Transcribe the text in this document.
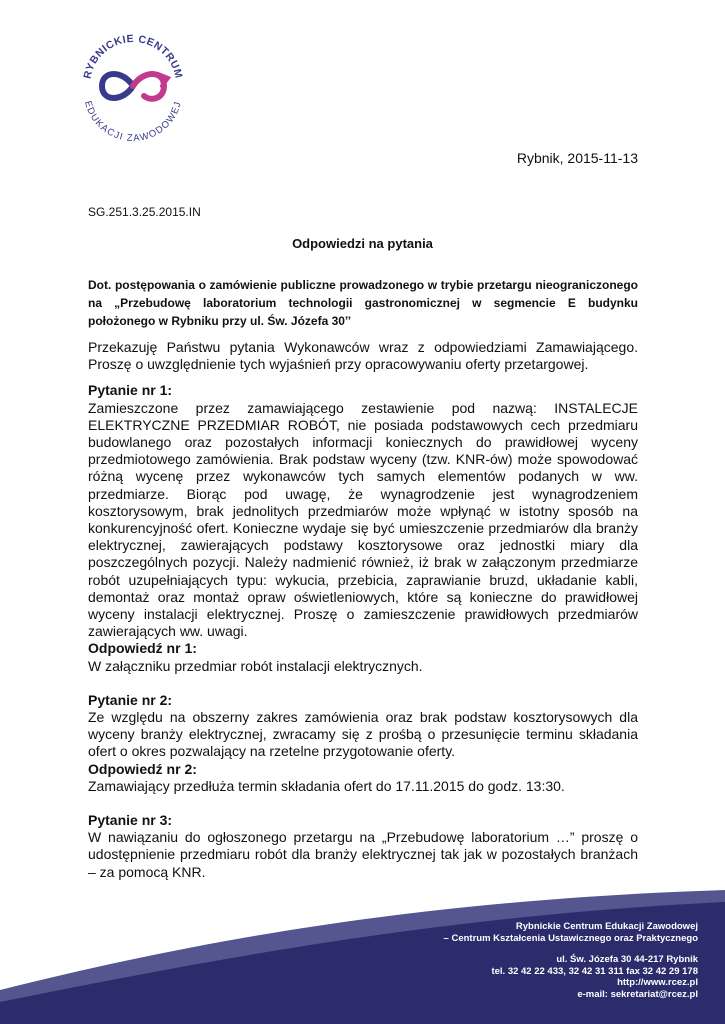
RYBNICKIE CENTRUM
EDUKACJI ZAWODOWEJ
Rybnik, 2015-11-13
SG.251.3.25.2015.IN
Odpowiedzi na pytania
Dot. postępowania o zamówienie publiczne prowadzonego w trybie przetargu nieograniczonego na „Przebudowę laboratorium technologii gastronomicznej w segmencie E budynku położonego w Rybniku przy ul. Św. Józefa 30’’

Przekazuję Państwu pytania Wykonawców wraz z odpowiedziami Zamawiającego. Proszę o uwzględnienie tych wyjaśnień przy opracowywaniu oferty przetargowej.

Pytanie nr 1:

Zamieszczone przez zamawiającego zestawienie pod nazwą: INSTALECJE ELEKTRYCZNE PRZEDMIAR ROBÓT, nie posiada podstawowych cech przedmiaru budowlanego oraz pozostałych informacji koniecznych do prawidłowej wyceny przedmiotowego zamówienia. Brak podstaw wyceny (tzw. KNR-ów) może spowodować różną wycenę przez wykonawców tych samych elementów podanych w ww. przedmiarze. Biorąc pod uwagę, że wynagrodzenie jest wynagrodzeniem kosztorysowym, brak jednolitych przedmiarów może wpłynąć w istotny sposób na konkurencyjność ofert. Konieczne wydaje się być umieszczenie przedmiarów dla branży elektrycznej, zawierających podstawy kosztorysowe oraz jednostki miary dla poszczególnych pozycji. Należy nadmienić również, iż brak w załączonym przedmiarze robót uzupełniających typu: wykucia, przebicia, zaprawianie bruzd, układanie kabli, demontaż oraz montaż opraw oświetleniowych, które są konieczne do prawidłowej wyceny instalacji elektrycznej. Proszę o zamieszczenie prawidłowych przedmiarów zawierających ww. uwagi.

Odpowiedź nr 1:

W załączniku przedmiar robót instalacji elektrycznych.

Pytanie nr 2:

Ze względu na obszerny zakres zamówienia oraz brak podstaw kosztorysowych dla wyceny branży elektrycznej, zwracamy się z prośbą o przesunięcie terminu składania ofert o okres pozwalający na rzetelne przygotowanie oferty.

Odpowiedź nr 2:

Zamawiający przedłuża termin składania ofert do 17.11.2015 do godz. 13:30.

Pytanie nr 3:

W nawiązaniu do ogłoszonego przetargu na „Przebudowę laboratorium …” proszę o udostępnienie przedmiaru robót dla branży elektrycznej tak jak w pozostałych branżach – za pomocą KNR.

Rybnickie Centrum Edukacji Zawodowej
– Centrum Kształcenia Ustawicznego oraz Praktycznego
ul. Św. Józefa 30 44-217 Rybnik
tel. 32 42 22 433, 32 42 31 311 fax 32 42 29 178
http://www.rcez.pl
e-mail: sekretariat@rcez.pl
